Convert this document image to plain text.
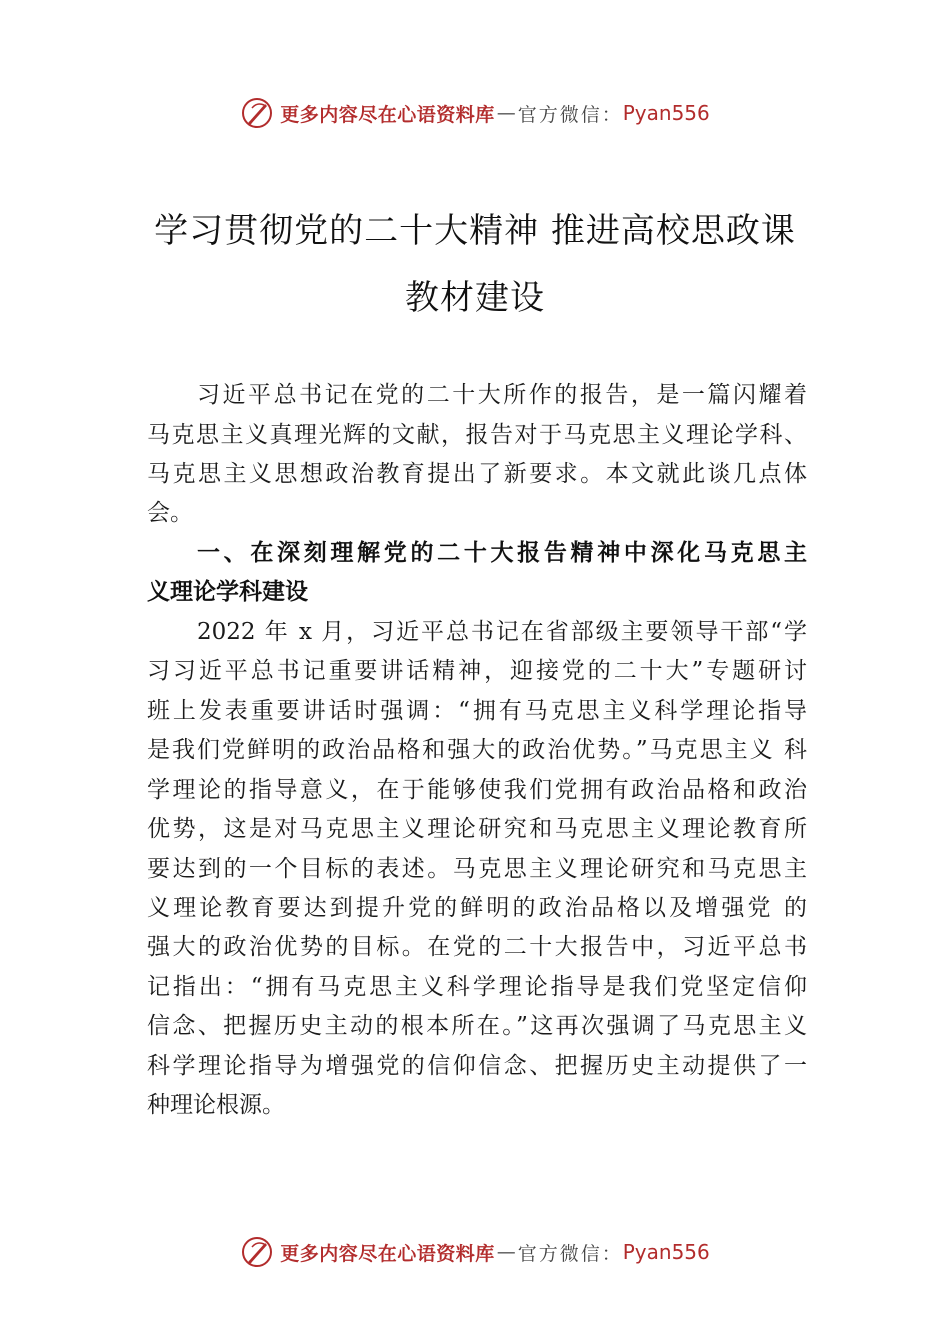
更多内容尽在心语资料库 — 官方微信： Pyan556
学习贯彻党的二十大精神 推进高校思政课
教材建设
习近平总书记在党的二十大所作的报告，是一篇闪耀着
马克思主义真理光辉的文献，报告对于马克思主义理论学科、
马克思主义思想政治教育提出了新要求。本文就此谈几点体
会。
一、在深刻理解党的二十大报告精神中深化马克思主
义理论学科建设
2022 年 x 月，习近平总书记在省部级主要领导干部“学
习习近平总书记重要讲话精神，迎接党的二十大”专题研讨
班上发表重要讲话时强调：“拥有马克思主义科学理论指导
是我们党鲜明的政治品格和强大的政治优势。”马克思主义 科
学理论的指导意义，在于能够使我们党拥有政治品格和政治
优势，这是对马克思主义理论研究和马克思主义理论教育所
要达到的一个目标的表述。马克思主义理论研究和马克思主
义理论教育要达到提升党的鲜明的政治品格以及增强党 的
强大的政治优势的目标。在党的二十大报告中，习近平总书
记指出：“拥有马克思主义科学理论指导是我们党坚定信仰
信念、把握历史主动的根本所在。”这再次强调了马克思主义
科学理论指导为增强党的信仰信念、把握历史主动提供了一
种理论根源。
更多内容尽在心语资料库 — 官方微信： Pyan556
